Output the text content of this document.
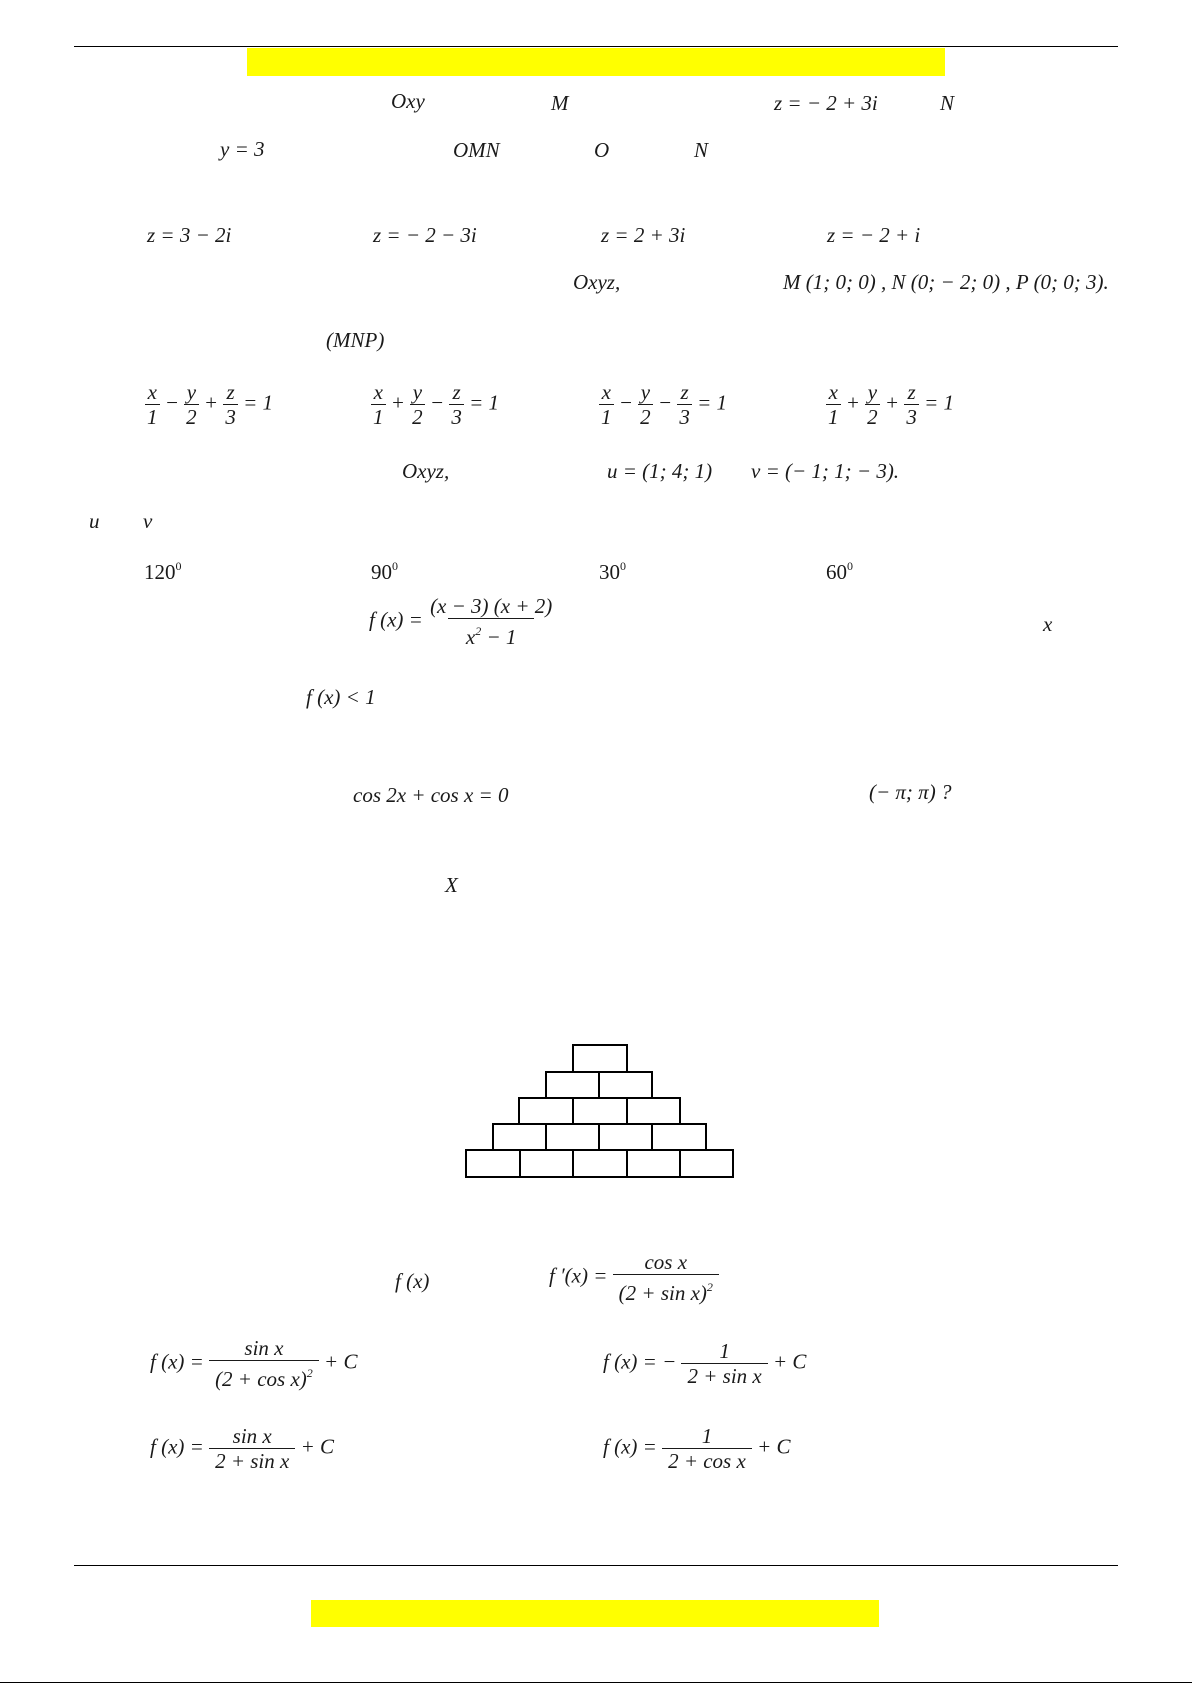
Oxy	M	z = − 2 + 3i	N
y = 3	OMN	O	N
z = 3 − 2i	z = − 2 − 3i	z = 2 + 3i	z = − 2 + i
Oxyz,	M (1; 0; 0) , N (0; − 2; 0) , P (0; 0; 3).
(MNP)
$\frac{x}{1} - \frac{y}{2} + \frac{z}{3} = 1$	$\frac{x}{1} + \frac{y}{2} - \frac{z}{3} = 1$	$\frac{x}{1} - \frac{y}{2} - \frac{z}{3} = 1$	$\frac{x}{1} + \frac{y}{2} + \frac{z}{3} = 1$
Oxyz,	u = (1; 4; 1) v = (− 1; 1; − 3).
u v
$120^0$	$90^0$	$30^0$	$60^0$
f $(x) = \frac{(x - 3) (x + 2)}{x^2 - 1}$	x
f (x) < 1
cos 2x + cos x = 0	(− π; π) ?
X
f (x)	f $'(x) = \frac{\text{cos x}}{(2 + \sin x)^2}$
f $(x) = \frac{\text{sin x}}{(2 + \cos x)^2} + C$	f (x) = − $\frac{1}{\text{2 + sin x}} + C$
f $(x) = \frac{\text{sin x}}{\text{2 + sin x}} + C$	f $(x) = \frac{1}{\text{2 + cos x}} + C$
